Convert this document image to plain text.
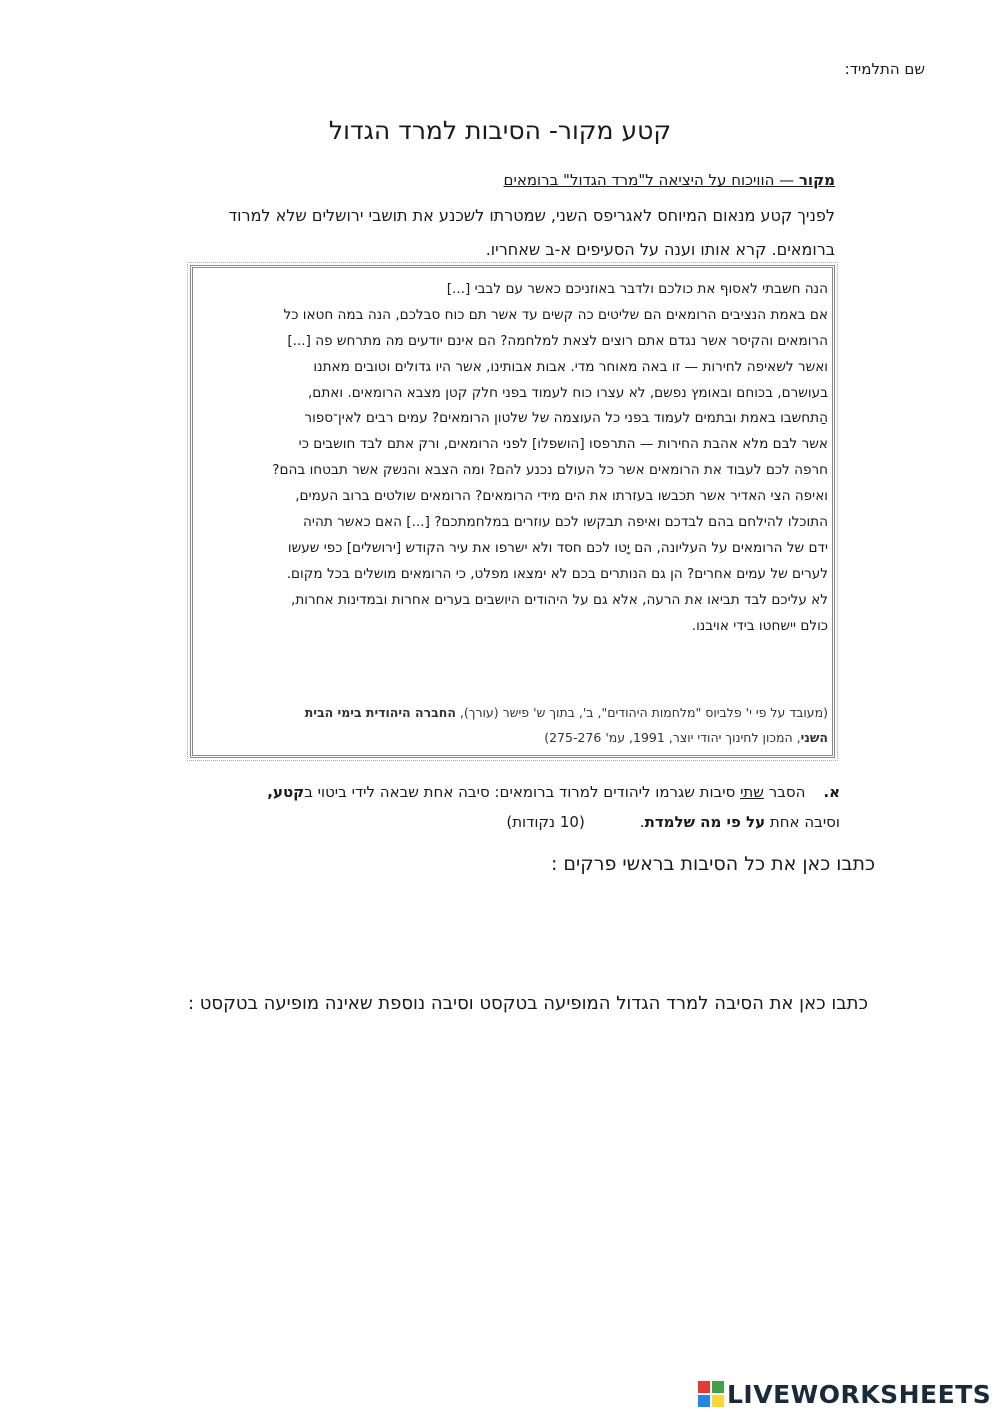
שם התלמיד:
קטע מקור- הסיבות למרד הגדול
מקור — הוויכוח על היציאה ל"מרד הגדול" ברומאים
לפניך קטע מנאום המיוחס לאגריפס השני, שמטרתו לשכנע את תושבי ירושלים שלא למרוד
ברומאים. קרא אותו וענה על הסעיפים א-ב שאחריו.
הנה חשבתי לאסוף את כולכם ולדבר באוזניכם כאשר עם לבבי [...]
אם באמת הנציבים הרומאים הם שליטים כה קשים עד אשר תם כוח סבלכם, הנה במה חטאו כל
הרומאים והקיסר אשר נגדם אתם רוצים לצאת למלחמה? הם אינם יודעים מה מתרחש פה [...]
ואשר לשאיפה לחירות — זו באה מאוחר מדי. אבות אבותינו, אשר היו גדולים וטובים מאתנו
בעושרם, בכוחם ובאומץ נפשם, לא עצרו כוח לעמוד בפני חלק קטן מצבא הרומאים. ואתם,
הַתחשבו באמת ובתמים לעמוד בפני כל העוצמה של שלטון הרומאים? עמים רבים לאין־ספור
אשר לבם מלא אהבת החירות — התרפסו [הושפלו] לפני הרומאים, ורק אתם לבד חושבים כי
חרפה לכם לעבוד את הרומאים אשר כל העולם נכנע להם? ומה הצבא והנשק אשר תבטחו בהם?
ואיפה הצי האדיר אשר תכבשו בעזרתו את הים מידי הרומאים? הרומאים שולטים ברוב העמים,
התוכלו להילחם בהם לבדכם ואיפה תבקשו לכם עוזרים במלחמתכם? [...] האם כאשר תהיה
ידם של הרומאים על העליונה, הם יָטו לכם חסד ולא ישרפו את עיר הקודש [ירושלים] כפי שעשו
לערים של עמים אחרים? הן גם הנותרים בכם לא ימצאו מפלט, כי הרומאים מושלים בכל מקום.
לא עליכם לבד תביאו את הרעה, אלא גם על היהודים היושבים בערים אחרות ובמדינות אחרות,
כולם יישחטו בידי אויבנו.
(מעובד על פי י' פלביוס "מלחמות היהודים", ב', בתוך ש' פישר (עורך), החברה היהודית בימי הבית
השני, המכון לחינוך יהודי יוצר, 1991, עמ' 275-276)
א.הסבר שתי סיבות שגרמו ליהודים למרוד ברומאים: סיבה אחת שבאה לידי ביטוי בקטע,
וסיבה אחת על פי מה שלמדת.(10 נקודות)
כתבו כאן את כל הסיבות בראשי פרקים :
כתבו כאן את הסיבה למרד הגדול המופיעה בטקסט וסיבה נוספת שאינה מופיעה בטקסט :
LIVEWORKSHEETS
